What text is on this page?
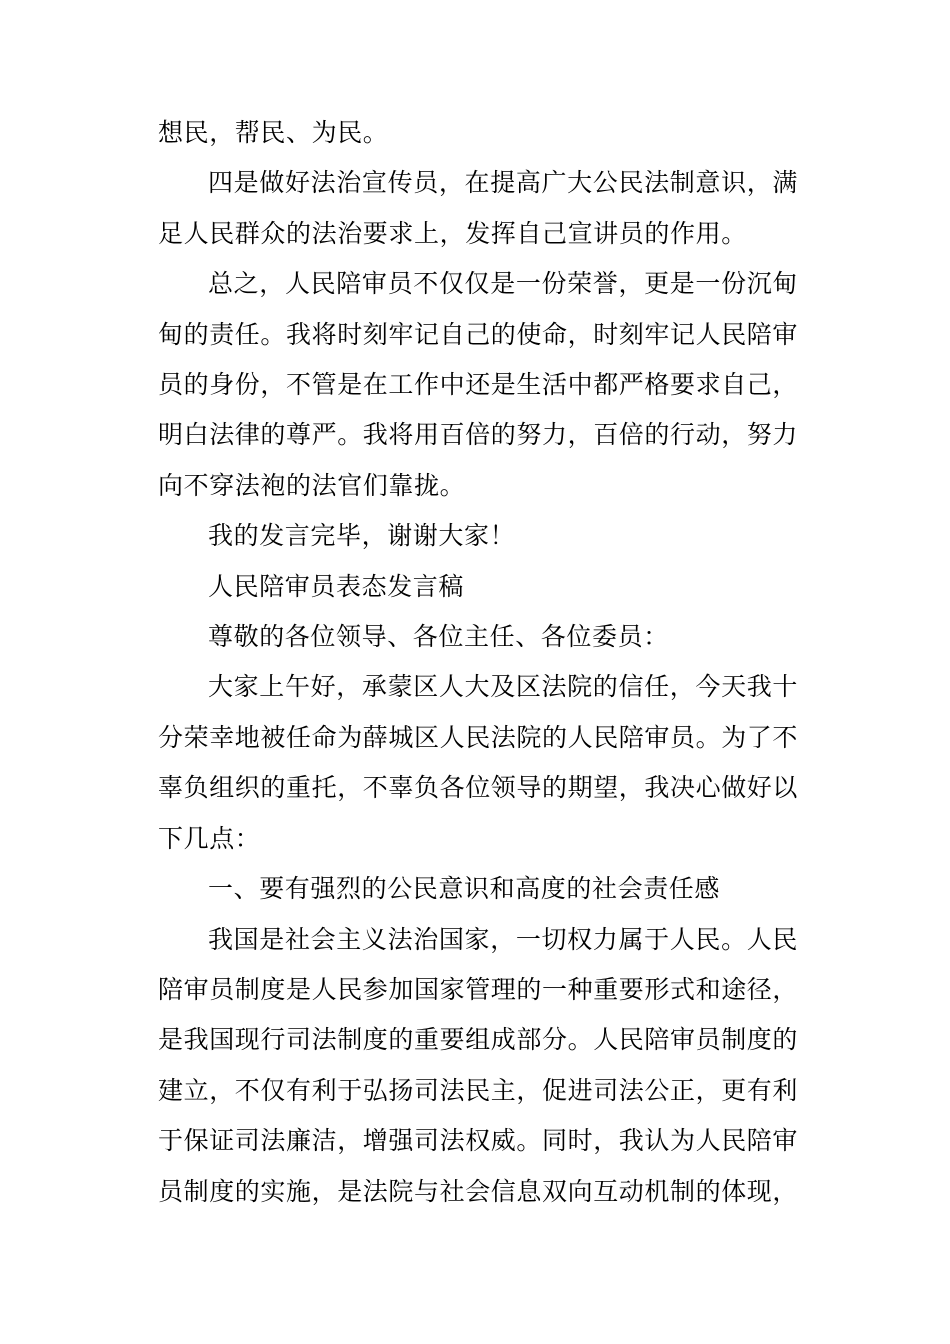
想民，帮民、为民。

四是做好法治宣传员，在提高广大公民法制意识，满足人民群众的法治要求上，发挥自己宣讲员的作用。

总之，人民陪审员不仅仅是一份荣誉，更是一份沉甸甸的责任。我将时刻牢记自己的使命，时刻牢记人民陪审员的身份，不管是在工作中还是生活中都严格要求自己，明白法律的尊严。我将用百倍的努力，百倍的行动，努力向不穿法袍的法官们靠拢。

我的发言完毕，谢谢大家！

人民陪审员表态发言稿

尊敬的各位领导、各位主任、各位委员：

大家上午好，承蒙区人大及区法院的信任，今天我十分荣幸地被任命为薛城区人民法院的人民陪审员。为了不辜负组织的重托，不辜负各位领导的期望，我决心做好以下几点：

一、要有强烈的公民意识和高度的社会责任感

我国是社会主义法治国家，一切权力属于人民。人民陪审员制度是人民参加国家管理的一种重要形式和途径，是我国现行司法制度的重要组成部分。人民陪审员制度的建立，不仅有利于弘扬司法民主，促进司法公正，更有利于保证司法廉洁，增强司法权威。同时，我认为人民陪审员制度的实施，是法院与社会信息双向互动机制的体现，
